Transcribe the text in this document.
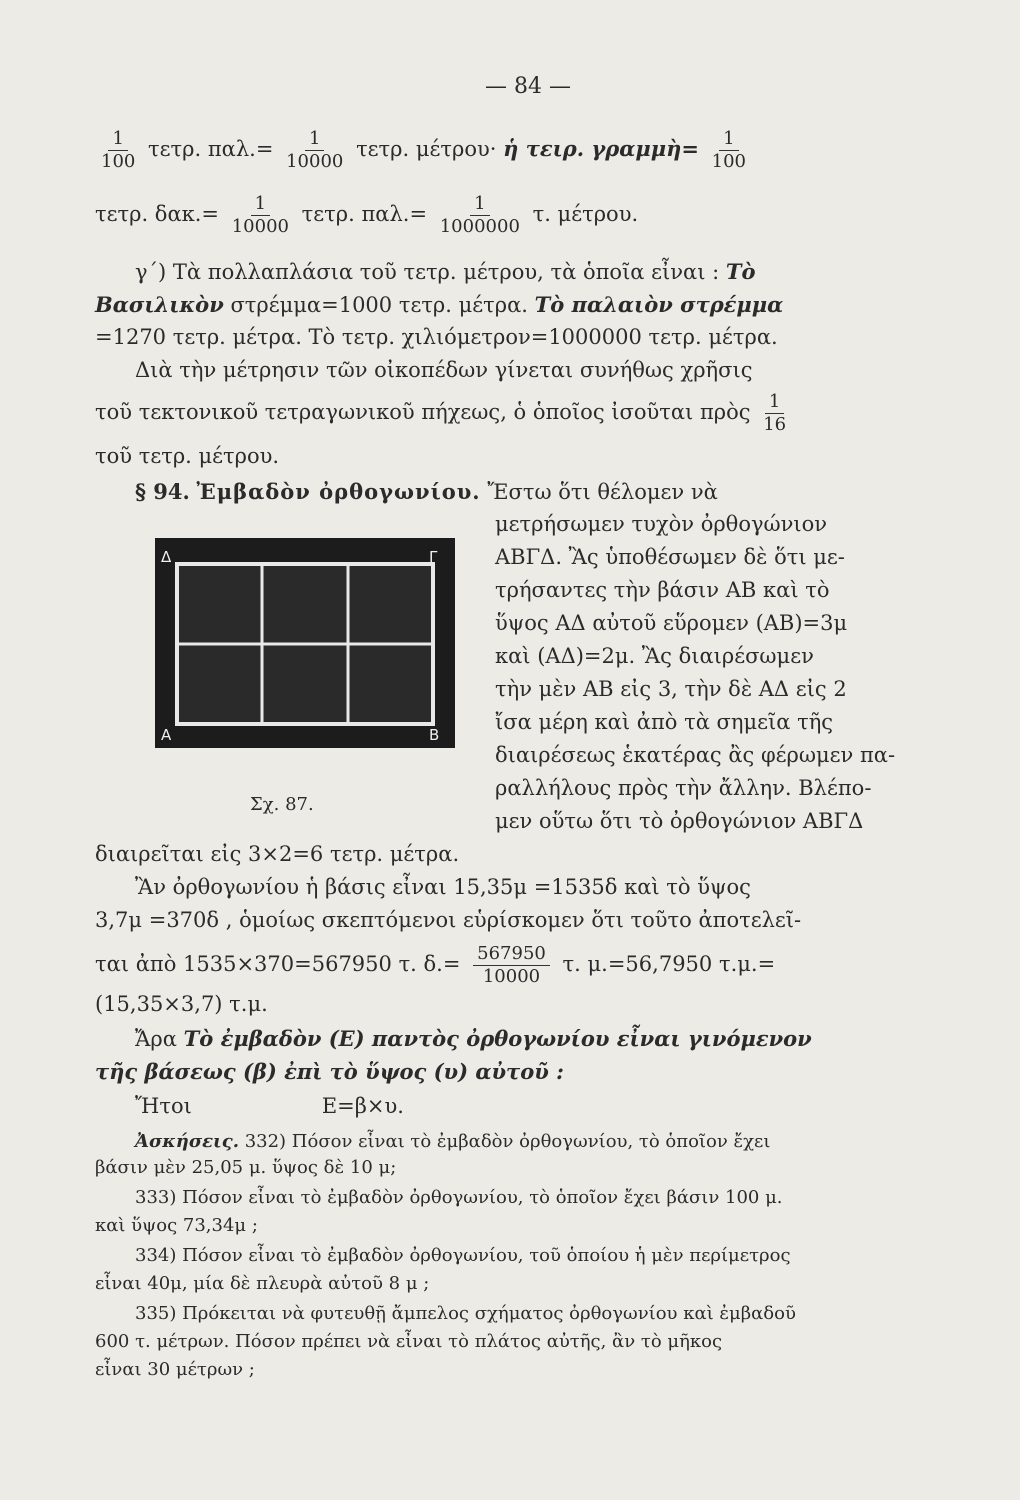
— 84 —

$\frac{1}{100} \tau\varepsilon\tau\rho$. $\pi\alpha\lambda.= \frac{1}{10000} \tau\varepsilon\tau\rho$. μέτρου· ἡ τειρ. γραμμὴ= $\frac{1}{100}$

τετρ. $\delta\alpha\kappa.= \frac{1}{10000} \tau\varepsilon\tau\rho$. $\pi\alpha\lambda.= \frac{1}{1000000} \tau$. μέτρου.

γ΄) Τὰ πολλαπλάσια τοῦ τετρ. μέτρου, τὰ ὁποῖα εἶναι : Τὸ

Βασιλικὸν στρέμμα=1000 τετρ. μέτρα. Τὸ παλαιὸν στρέμμα

=1270 τετρ. μέτρα. Τὸ τετρ. χιλιόμετρον=1000000 τετρ. μέτρα.

Διὰ τὴν μέτρησιν τῶν οἰκοπέδων γίνεται συνήθως χρῆσις

τοῦ τεκτονικοῦ τετραγωνικοῦ πήχεως, ὁ ὁποῖος ἰσοῦται πρὸς $\frac{1}{16}$

τοῦ τετρ. μέτρου.

§ 94. Ἐμβαδὸν ὀρθογωνίου. Ἔστω ὅτι θέλομεν νὰ

Δ	Γ
Α	Β
Σχ. 87.

μετρήσωμεν τυχὸν ὀρθογώνιον

ΑΒΓΔ. Ἂς ὑποθέσωμεν δὲ ὅτι με-

τρήσαντες τὴν βάσιν ΑΒ καὶ τὸ

ὕψος ΑΔ αὐτοῦ εὕρομεν (ΑΒ)=3μ

καὶ (ΑΔ)=2μ. Ἂς διαιρέσωμεν

τὴν μὲν ΑΒ εἰς 3, τὴν δὲ ΑΔ εἰς 2

ἴσα μέρη καὶ ἀπὸ τὰ σημεῖα τῆς

διαιρέσεως ἑκατέρας ἂς φέρωμεν πα-

ραλλήλους πρὸς τὴν ἄλλην. Βλέπο-

μεν οὕτω ὅτι τὸ ὀρθογώνιον ΑΒΓΔ

διαιρεῖται εἰς 3×2=6 τετρ. μέτρα.

Ἂν ὀρθογωνίου ἡ βάσις εἶναι 15,35μ =1535δ καὶ τὸ ὕψος

3,7μ =370δ , ὁμοίως σκεπτόμενοι εὑρίσκομεν ὅτι τοῦτο ἀποτελεῖ-

ται ἀπὸ 1535×370=567950 τ. $\delta.= \frac{567950}{10000} \tau$. μ.=56,7950 τ.μ.=

(15,35×3,7) τ.μ.

Ἄρα Τὸ ἐμβαδὸν (Ε) παντὸς ὀρθογωνίου εἶναι γινόμενον

τῆς βάσεως (β) ἐπὶ τὸ ὕψος (υ) αὐτοῦ :

Ἤτοι	Ε=β×υ.

Ἀσκήσεις. 332) Πόσον εἶναι τὸ ἐμβαδὸν ὀρθογωνίου, τὸ ὁποῖον ἔχει

βάσιν μὲν 25,05 μ. ὕψος δὲ 10 μ;

333) Πόσον εἶναι τὸ ἐμβαδὸν ὀρθογωνίου, τὸ ὁποῖον ἔχει βάσιν 100 μ.

καὶ ὕψος 73,34μ ;

334) Πόσον εἶναι τὸ ἐμβαδὸν ὀρθογωνίου, τοῦ ὁποίου ἡ μὲν περίμετρος

εἶναι 40μ, μία δὲ πλευρὰ αὐτοῦ 8 μ ;

335) Πρόκειται νὰ φυτευθῇ ἄμπελος σχήματος ὀρθογωνίου καὶ ἐμβαδοῦ

600 τ. μέτρων. Πόσον πρέπει νὰ εἶναι τὸ πλάτος αὐτῆς, ἂν τὸ μῆκος

εἶναι 30 μέτρων ;
